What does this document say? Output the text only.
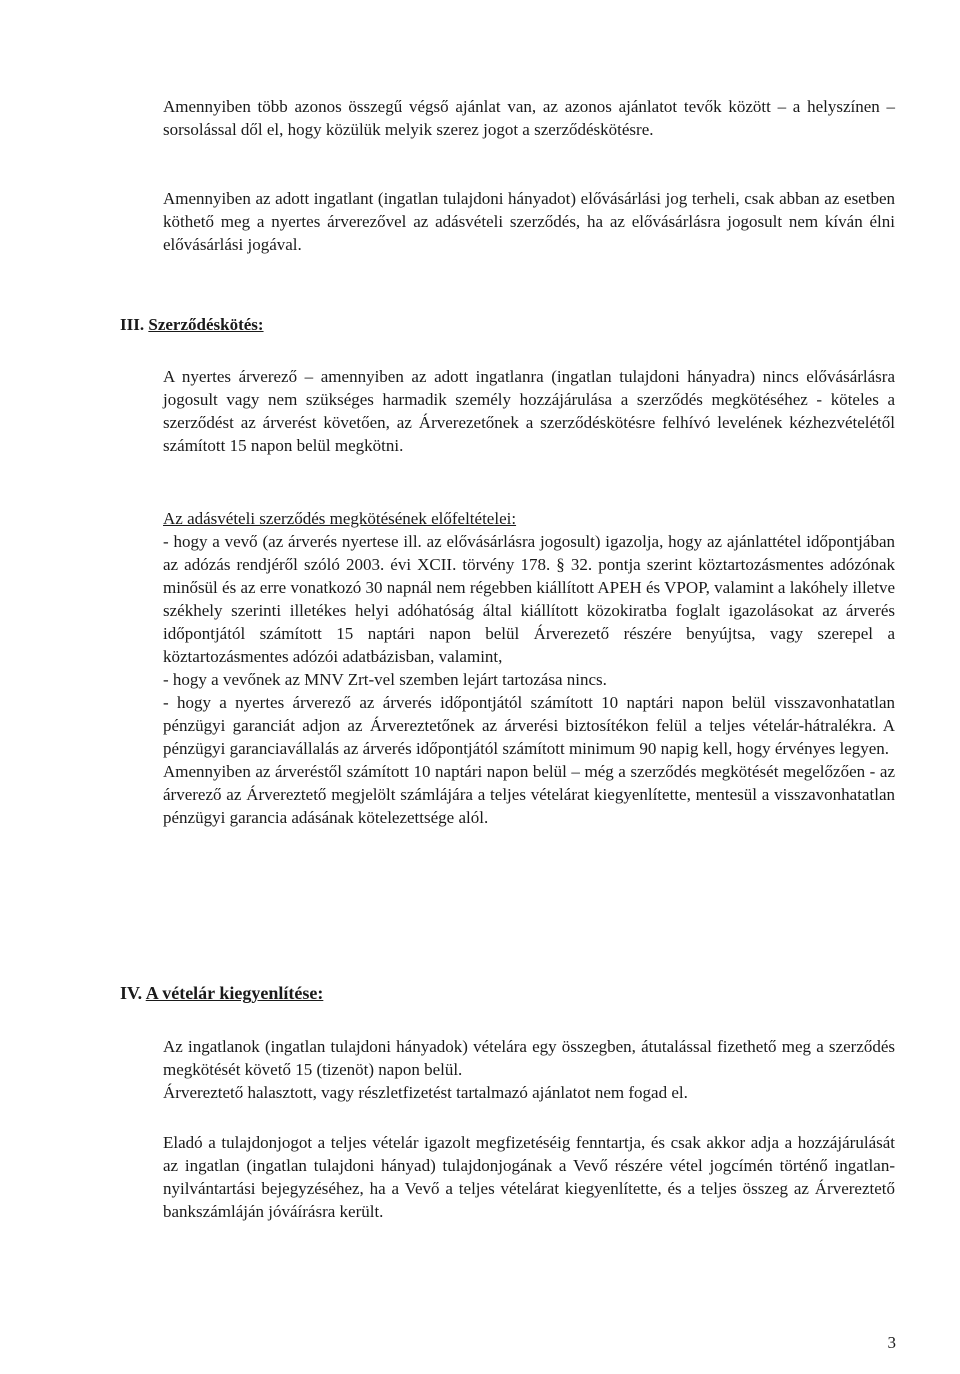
Amennyiben több azonos összegű végső ajánlat van, az azonos ajánlatot tevők között – a helyszínen – sorsolással dől el, hogy közülük melyik szerez jogot a szerződéskötésre.

Amennyiben az adott ingatlant (ingatlan tulajdoni hányadot) elővásárlási jog terheli, csak abban az esetben köthető meg a nyertes árverezővel az adásvételi szerződés, ha az elővásárlásra jogosult nem kíván élni elővásárlási jogával.

III. Szerződéskötés:

A nyertes árverező – amennyiben az adott ingatlanra (ingatlan tulajdoni hányadra) nincs elővásárlásra jogosult vagy nem szükséges harmadik személy hozzájárulása a szerződés megkötéséhez - köteles a szerződést az árverést követően, az Árverezetőnek a szerződéskötésre felhívó levelének kézhezvételétől számított 15 napon belül megkötni.

Az adásvételi szerződés megkötésének előfeltételei:

- hogy a vevő (az árverés nyertese ill. az elővásárlásra jogosult) igazolja, hogy az ajánlattétel időpontjában az adózás rendjéről szóló 2003. évi XCII. törvény 178. § 32. pontja szerint köztartozásmentes adózónak minősül és az erre vonatkozó 30 napnál nem régebben kiállított APEH és VPOP, valamint a lakóhely illetve székhely szerinti illetékes helyi adóhatóság által kiállított közokiratba foglalt igazolásokat az árverés időpontjától számított 15 naptári napon belül Árverezető részére benyújtsa, vagy szerepel a köztartozásmentes adózói adatbázisban, valamint,

- hogy a vevőnek az MNV Zrt-vel szemben lejárt tartozása nincs.

- hogy a nyertes árverező az árverés időpontjától számított 10 naptári napon belül visszavonhatatlan pénzügyi garanciát adjon az Árvereztetőnek az árverési biztosítékon felül a teljes vételár-hátralékra. A pénzügyi garanciavállalás az árverés időpontjától számított minimum 90 napig kell, hogy érvényes legyen.

Amennyiben az árveréstől számított 10 naptári napon belül – még a szerződés megkötését megelőzően - az árverező az Árvereztető megjelölt számlájára a teljes vételárat kiegyenlítette, mentesül a visszavonhatatlan pénzügyi garancia adásának kötelezettsége alól.

IV. A vételár kiegyenlítése:

Az ingatlanok (ingatlan tulajdoni hányadok) vételára egy összegben, átutalással fizethető meg a szerződés megkötését követő 15 (tizenöt) napon belül.

Árvereztető halasztott, vagy részletfizetést tartalmazó ajánlatot nem fogad el.

Eladó a tulajdonjogot a teljes vételár igazolt megfizetéséig fenntartja, és csak akkor adja a hozzájárulását az ingatlan (ingatlan tulajdoni hányad) tulajdonjogának a Vevő részére vétel jogcímén történő ingatlan-nyilvántartási bejegyzéséhez, ha a Vevő a teljes vételárat kiegyenlítette, és a teljes összeg az Árvereztető bankszámláján jóváírásra került.

3
